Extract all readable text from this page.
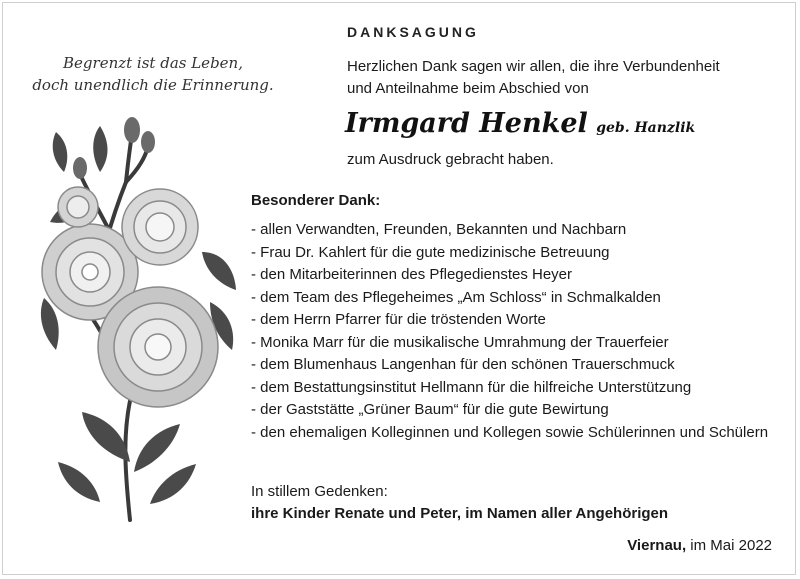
Begrenzt ist das Leben,
doch unendlich die Erinnerung.
DANKSAGUNG
Herzlichen Dank sagen wir allen, die ihre Verbundenheit
und Anteilnahme beim Abschied von
Irmgard Henkel geb. Hanzlik
zum Ausdruck gebracht haben.
Besonderer Dank:
- allen Verwandten, Freunden, Bekannten und Nachbarn
- Frau Dr. Kahlert für die gute medizinische Betreuung
- den Mitarbeiterinnen des Pflegedienstes Heyer
- dem Team des Pflegeheimes „Am Schloss“ in Schmalkalden
- dem Herrn Pfarrer für die tröstenden Worte
- Monika Marr für die musikalische Umrahmung der Trauerfeier
- dem Blumenhaus Langenhan für den schönen Trauerschmuck
- dem Bestattungsinstitut Hellmann für die hilfreiche Unterstützung
- der Gaststätte „Grüner Baum“ für die gute Bewirtung
- den ehemaligen Kolleginnen und Kollegen sowie Schülerinnen und Schülern
In stillem Gedenken:
ihre Kinder Renate und Peter, im Namen aller Angehörigen
Viernau, im Mai 2022
